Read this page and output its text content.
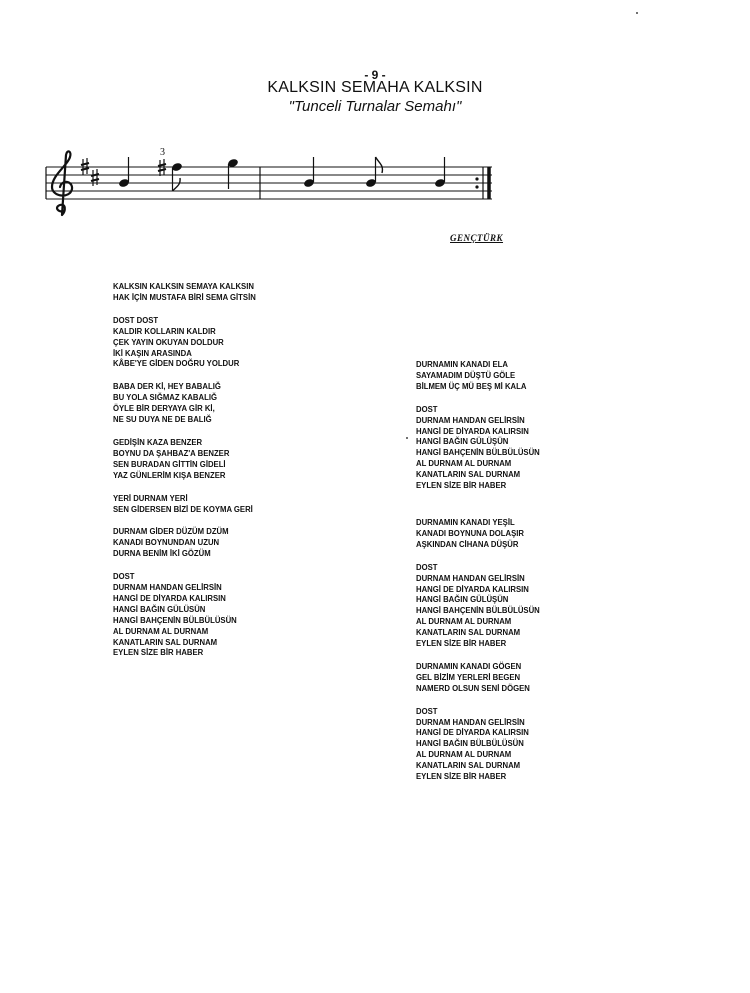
- 9 -
KALKSIN SEMAHA KALKSIN
"Tunceli Turnalar Semahı"
3
GENÇTÜRK
KALKSIN KALKSIN SEMAYA KALKSIN
HAK İÇİN MUSTAFA BİRİ SEMA GİTSİN
DOST DOST
KALDIR KOLLARIN KALDIR
ÇEK YAYIN OKUYAN DOLDUR
İKİ KAŞIN ARASINDA
KÂBE'YE GİDEN DOĞRU YOLDUR
BABA DER Kİ, HEY BABALIĞ
BU YOLA SIĞMAZ KABALIĞ
ÖYLE BİR DERYAYA GİR Kİ,
NE SU DUYA NE DE BALIĞ
GEDİŞİN KAZA BENZER
BOYNU DA ŞAHBAZ'A BENZER
SEN BURADAN GİTTİN GİDELİ
YAZ GÜNLERİM KIŞA BENZER
YERİ DURNAM YERİ
SEN GİDERSEN BİZİ DE KOYMA GERİ
DURNAM GİDER DÜZÜM DZÜM
KANADI BOYNUNDAN UZUN
DURNA BENİM İKİ GÖZÜM
DOST
DURNAM HANDAN GELİRSİN
HANGİ DE DİYARDA KALIRSIN
HANGİ BAĞIN GÜLÜSÜN
HANGİ BAHÇENİN BÜLBÜLÜSÜN
AL DURNAM AL DURNAM
KANATLARIN SAL DURNAM
EYLEN SİZE BİR HABER
DURNAMIN KANADI ELA
SAYAMADIM DÜŞTÜ GÖLE
BİLMEM ÜÇ MÜ BEŞ Mİ KALA
DOST
DURNAM HANDAN GELİRSİN
HANGİ DE DİYARDA KALIRSIN
HANGİ BAĞIN GÜLÜŞÜN
HANGİ BAHÇENİN BÜLBÜLÜSÜN
AL DURNAM AL DURNAM
KANATLARIN SAL DURNAM
EYLEN SİZE BİR HABER
DURNAMIN KANADI YEŞİL
KANADI BOYNUNA DOLAŞIR
AŞKINDAN CİHANA DÜŞÜR
DOST
DURNAM HANDAN GELİRSİN
HANGİ DE DİYARDA KALIRSIN
HANGİ BAĞIN GÜLÜŞÜN
HANGİ BAHÇENİN BÜLBÜLÜSÜN
AL DURNAM AL DURNAM
KANATLARIN SAL DURNAM
EYLEN SİZE BİR HABER
DURNAMIN KANADI GÖGEN
GEL BİZİM YERLERİ BEGEN
NAMERD OLSUN SENİ DÖGEN
DOST
DURNAM HANDAN GELİRSİN
HANGİ DE DİYARDA KALIRSIN
HANGİ BAĞIN BÜLBÜLÜSÜN
AL DURNAM AL DURNAM
KANATLARIN SAL DURNAM
EYLEN SİZE BİR HABER
